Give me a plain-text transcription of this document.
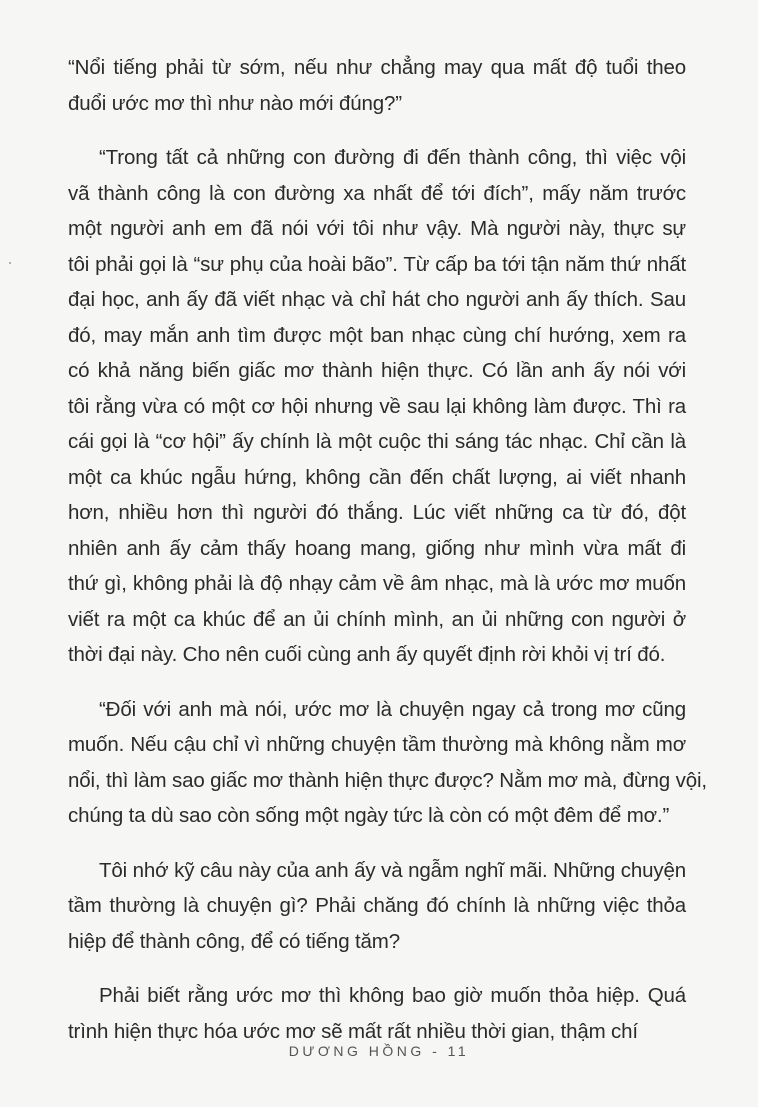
“Nổi tiếng phải từ sớm, nếu như chẳng may qua mất độ tuổi theo
đuổi ước mơ thì như nào mới đúng?”

“Trong tất cả những con đường đi đến thành công, thì việc vội
vã thành công là con đường xa nhất để tới đích”, mấy năm trước
một người anh em đã nói với tôi như vậy. Mà người này, thực sự
tôi phải gọi là “sư phụ của hoài bão”. Từ cấp ba tới tận năm thứ nhất
đại học, anh ấy đã viết nhạc và chỉ hát cho người anh ấy thích. Sau
đó, may mắn anh tìm được một ban nhạc cùng chí hướng, xem ra
có khả năng biến giấc mơ thành hiện thực. Có lần anh ấy nói với
tôi rằng vừa có một cơ hội nhưng về sau lại không làm được. Thì ra
cái gọi là “cơ hội” ấy chính là một cuộc thi sáng tác nhạc. Chỉ cần là
một ca khúc ngẫu hứng, không cần đến chất lượng, ai viết nhanh
hơn, nhiều hơn thì người đó thắng. Lúc viết những ca từ đó, đột
nhiên anh ấy cảm thấy hoang mang, giống như mình vừa mất đi
thứ gì, không phải là độ nhạy cảm về âm nhạc, mà là ước mơ muốn
viết ra một ca khúc để an ủi chính mình, an ủi những con người ở
thời đại này. Cho nên cuối cùng anh ấy quyết định rời khỏi vị trí đó.

“Đối với anh mà nói, ước mơ là chuyện ngay cả trong mơ cũng
muốn. Nếu cậu chỉ vì những chuyện tầm thường mà không nằm mơ
nổi, thì làm sao giấc mơ thành hiện thực được? Nằm mơ mà, đừng vội,
chúng ta dù sao còn sống một ngày tức là còn có một đêm để mơ.”

Tôi nhớ kỹ câu này của anh ấy và ngẫm nghĩ mãi. Những chuyện
tầm thường là chuyện gì? Phải chăng đó chính là những việc thỏa
hiệp để thành công, để có tiếng tăm?

Phải biết rằng ước mơ thì không bao giờ muốn thỏa hiệp. Quá
trình hiện thực hóa ước mơ sẽ mất rất nhiều thời gian, thậm chí

DƯƠNG HỒNG - 11
